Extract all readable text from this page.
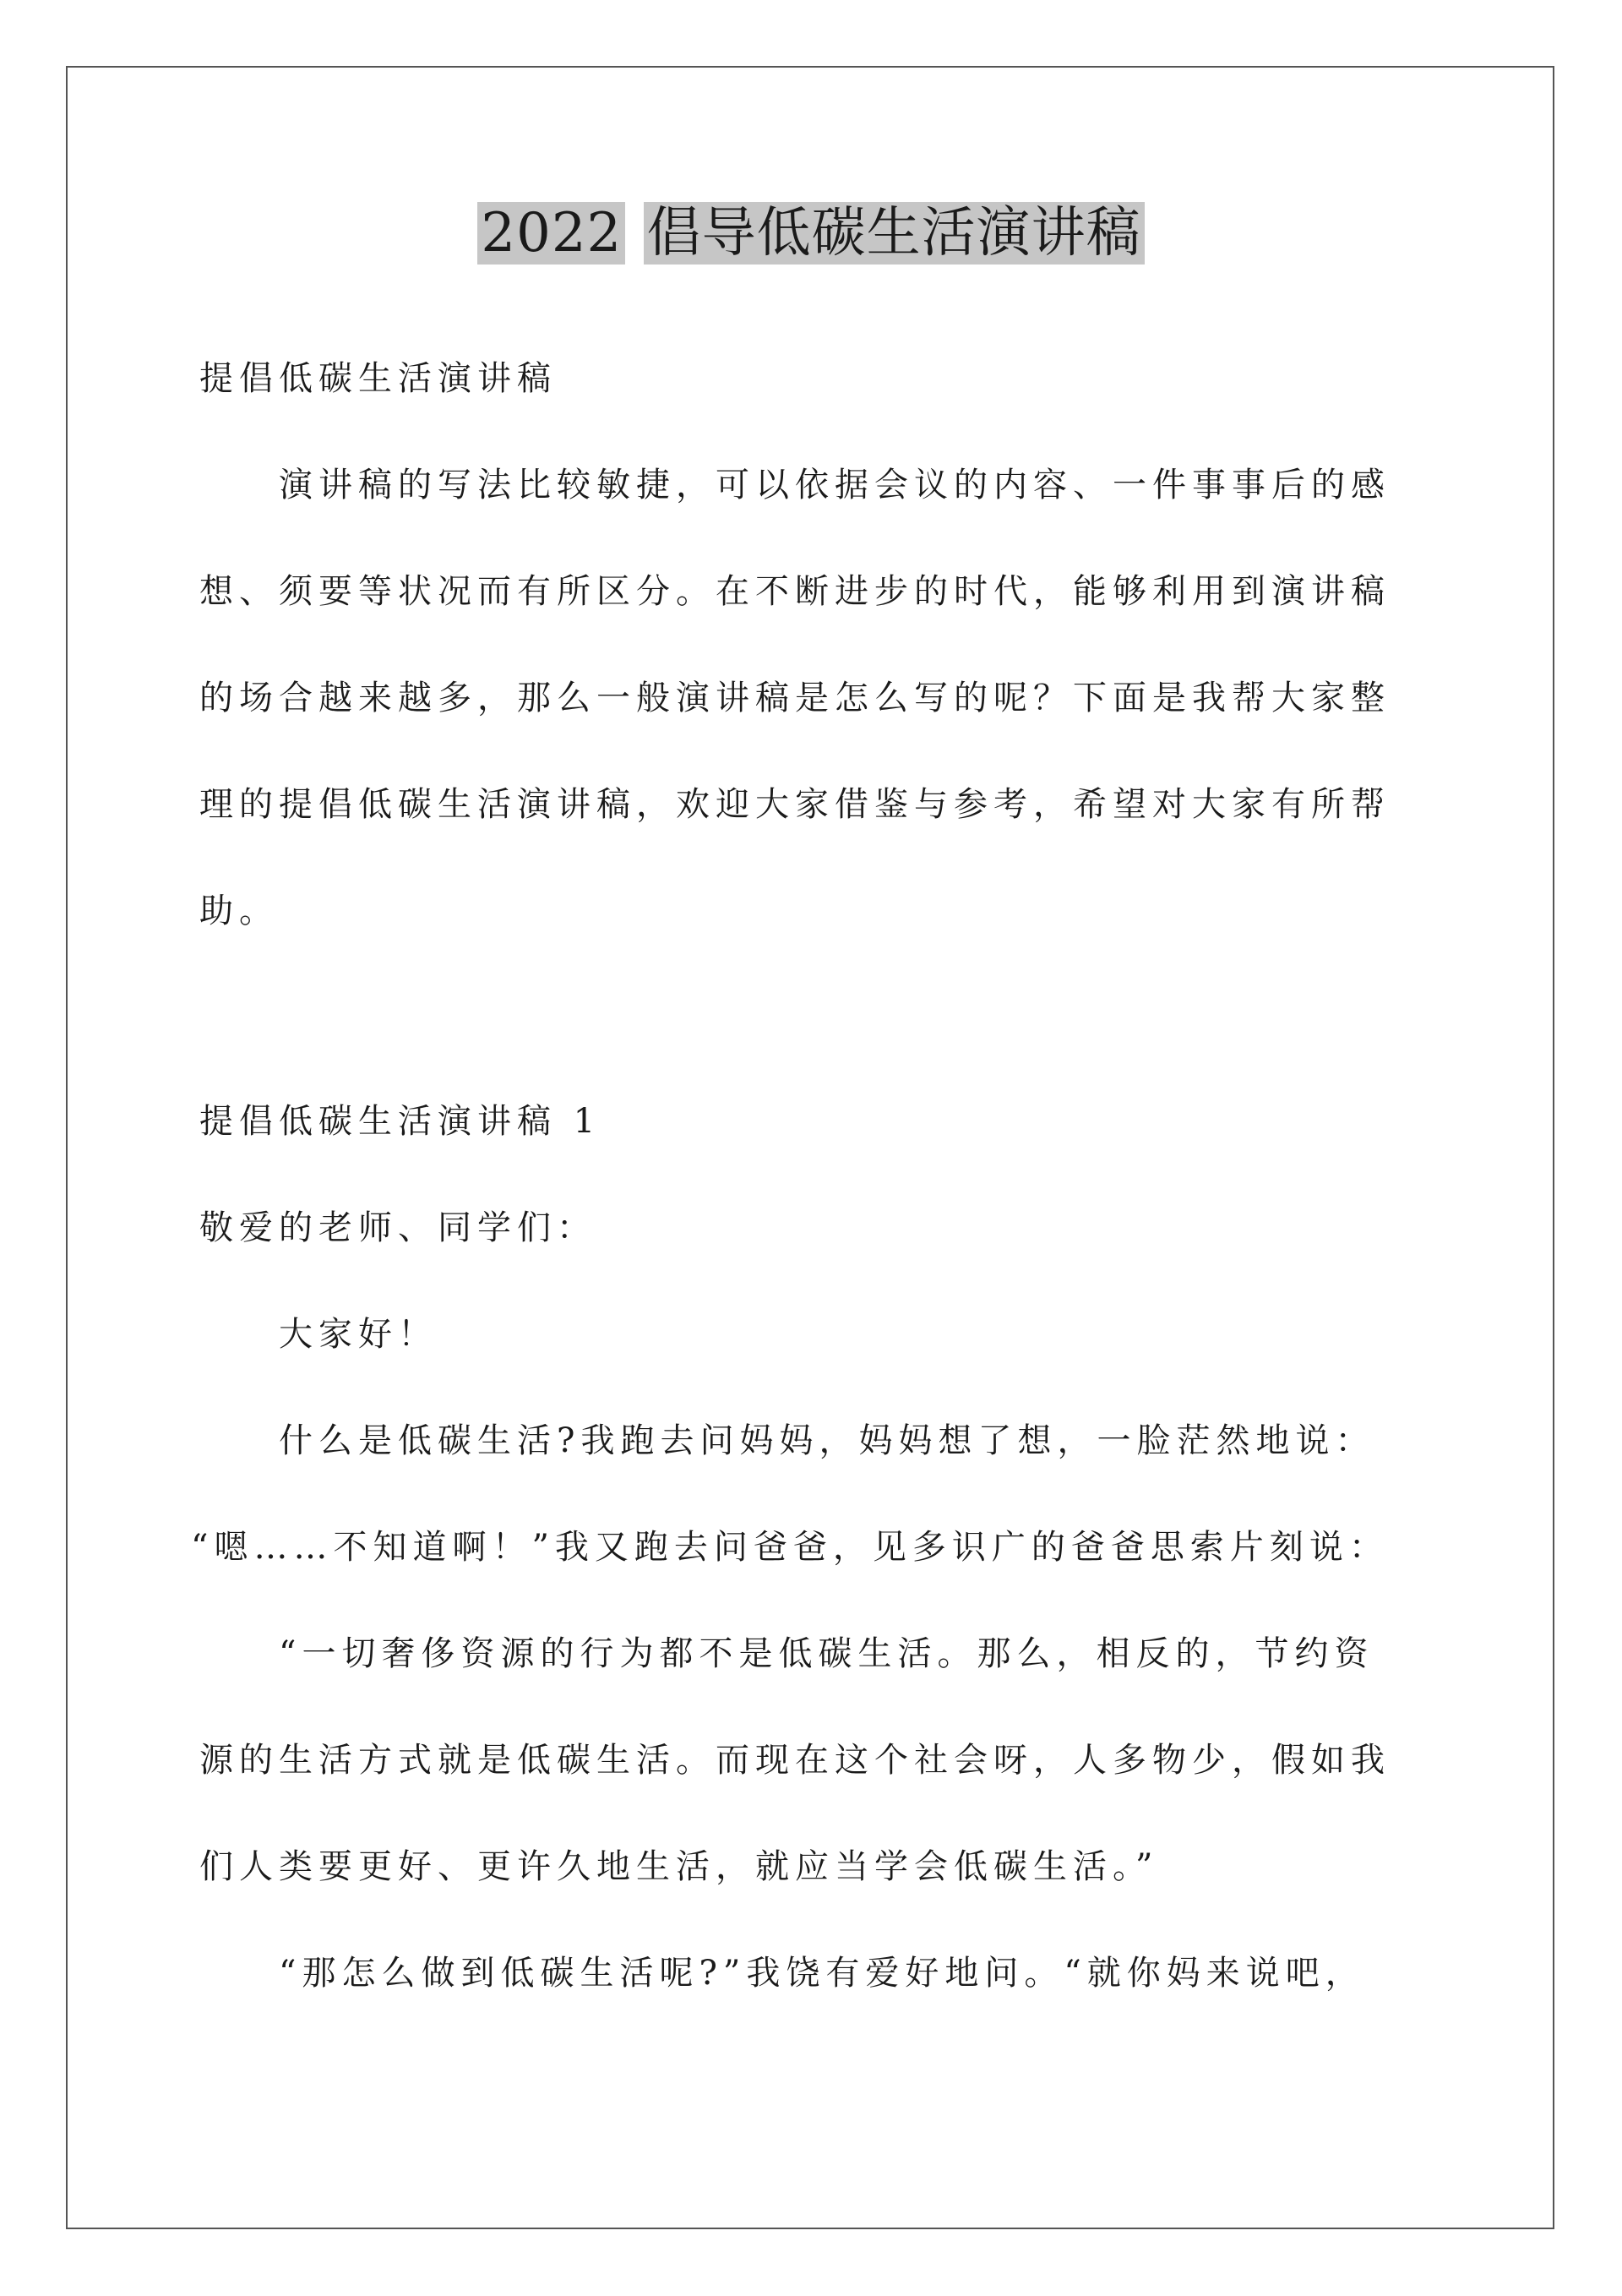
2022 倡导低碳生活演讲稿
提倡低碳生活演讲稿
　　演讲稿的写法比较敏捷，可以依据会议的内容、一件事事后的感
想、须要等状况而有所区分。在不断进步的时代，能够利用到演讲稿
的场合越来越多，那么一般演讲稿是怎么写的呢？下面是我帮大家整
理的提倡低碳生活演讲稿，欢迎大家借鉴与参考，希望对大家有所帮
助。
提倡低碳生活演讲稿 1
敬爱的老师、同学们：
　　大家好！
　　什么是低碳生活?我跑去问妈妈，妈妈想了想，一脸茫然地说：
“嗯……不知道啊！”我又跑去问爸爸，见多识广的爸爸思索片刻说：
　　“一切奢侈资源的行为都不是低碳生活。那么，相反的，节约资
源的生活方式就是低碳生活。而现在这个社会呀，人多物少，假如我
们人类要更好、更许久地生活，就应当学会低碳生活。”
　　“那怎么做到低碳生活呢?”我饶有爱好地问。“就你妈来说吧，
